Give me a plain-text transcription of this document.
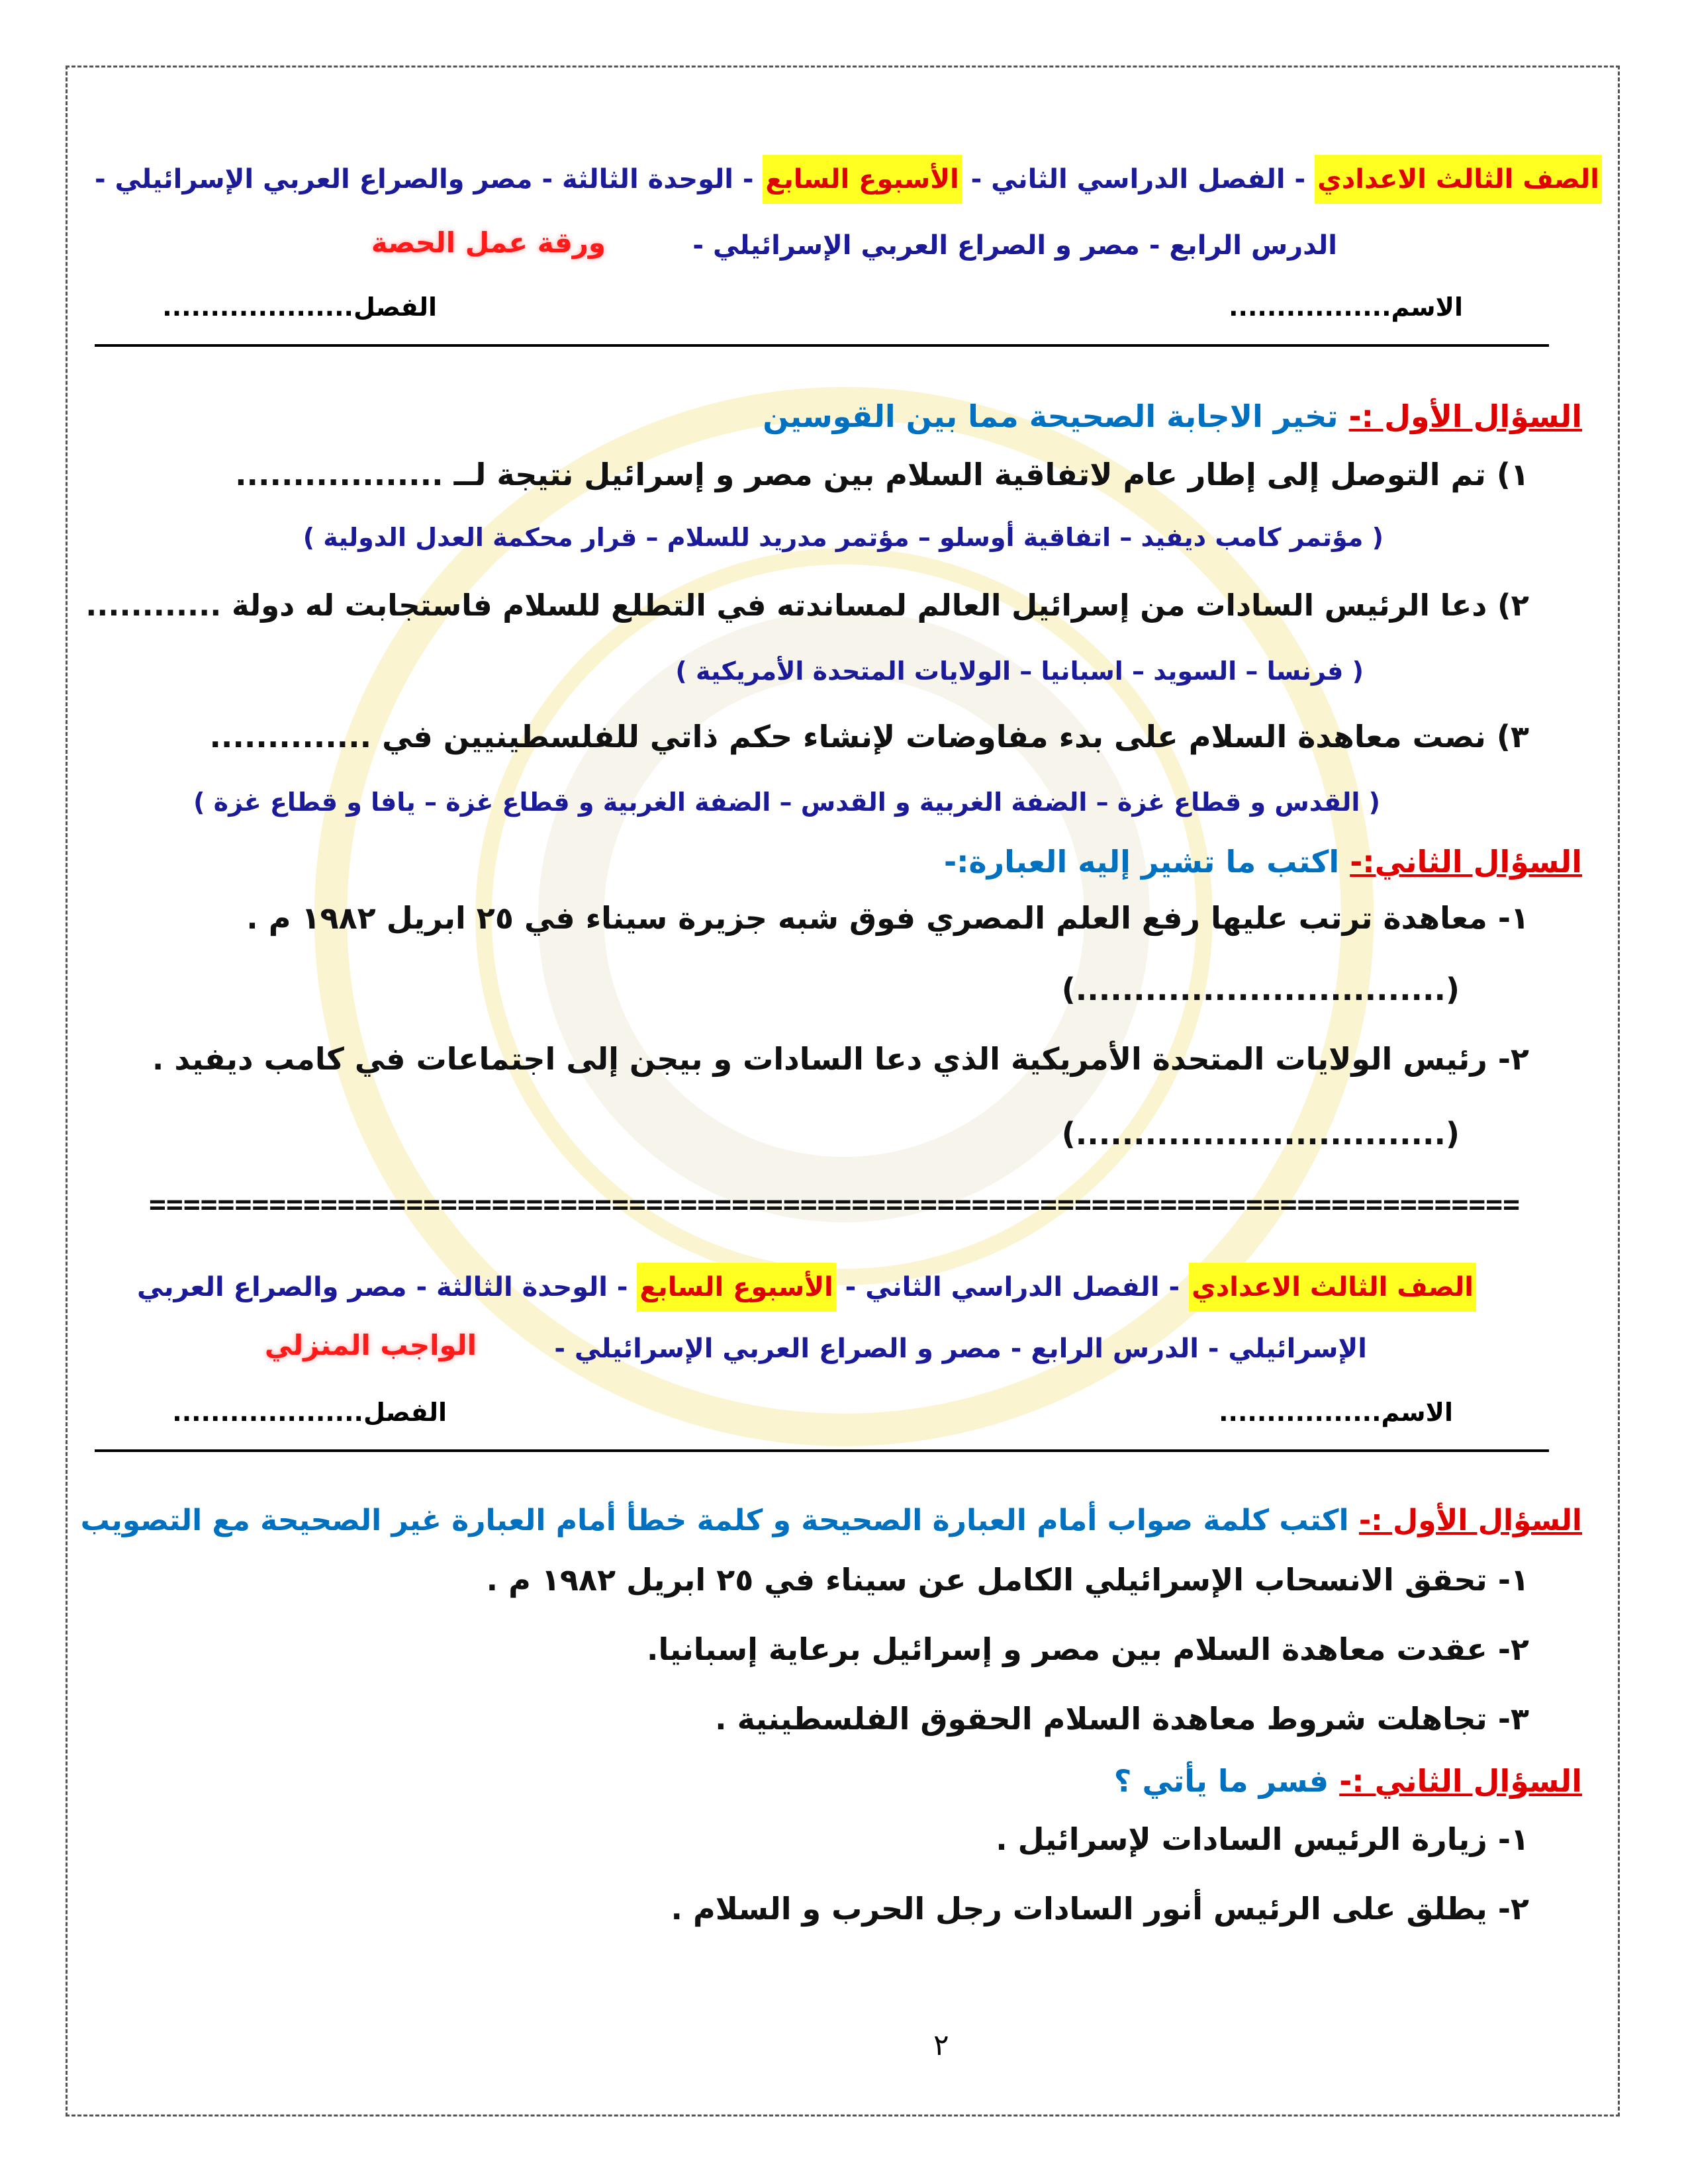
الصف الثالث الاعدادي - الفصل الدراسي الثاني - الأسبوع السابع - الوحدة الثالثة - مصر والصراع العربي الإسرائيلي -
الدرس الرابع - مصر و الصراع العربي الإسرائيلي -
ورقة عمل الحصة
الاسم.................
الفصل....................
السؤال الأول :- تخير الاجابة الصحيحة مما بين القوسين
١) تم التوصل إلى إطار عام لاتفاقية السلام بين مصر و إسرائيل نتيجة لــ ..................
( مؤتمر كامب ديفيد – اتفاقية أوسلو – مؤتمر مدريد للسلام – قرار محكمة العدل الدولية )
٢) دعا الرئيس السادات من إسرائيل العالم لمساندته في التطلع للسلام فاستجابت له دولة ............
( فرنسا – السويد – اسبانيا – الولايات المتحدة الأمريكية )
٣) نصت معاهدة السلام على بدء مفاوضات لإنشاء حكم ذاتي للفلسطينيين في ..............
( القدس و قطاع غزة – الضفة الغربية و القدس – الضفة الغربية و قطاع غزة – يافا و قطاع غزة )
السؤال الثاني:- اكتب ما تشير إليه العبارة:-
١- معاهدة ترتب عليها رفع العلم المصري فوق شبه جزيرة سيناء في ٢٥ ابريل ١٩٨٢ م .
(................................)
٢- رئيس الولايات المتحدة الأمريكية الذي دعا السادات و بيجن إلى اجتماعات في كامب ديفيد .
(................................)
================================================================================
الصف الثالث الاعدادي - الفصل الدراسي الثاني - الأسبوع السابع - الوحدة الثالثة - مصر والصراع العربي
الإسرائيلي - الدرس الرابع - مصر و الصراع العربي الإسرائيلي -
الواجب المنزلي
الاسم.................
الفصل....................
السؤال الأول :- اكتب كلمة صواب أمام العبارة الصحيحة و كلمة خطأ أمام العبارة غير الصحيحة مع التصويب
١- تحقق الانسحاب الإسرائيلي الكامل عن سيناء في ٢٥ ابريل ١٩٨٢ م .
٢- عقدت معاهدة السلام بين مصر و إسرائيل برعاية إسبانيا.
٣- تجاهلت شروط معاهدة السلام الحقوق الفلسطينية .
السؤال الثاني :- فسر ما يأتي ؟
١- زيارة الرئيس السادات لإسرائيل .
٢- يطلق على الرئيس أنور السادات رجل الحرب و السلام .
٢
